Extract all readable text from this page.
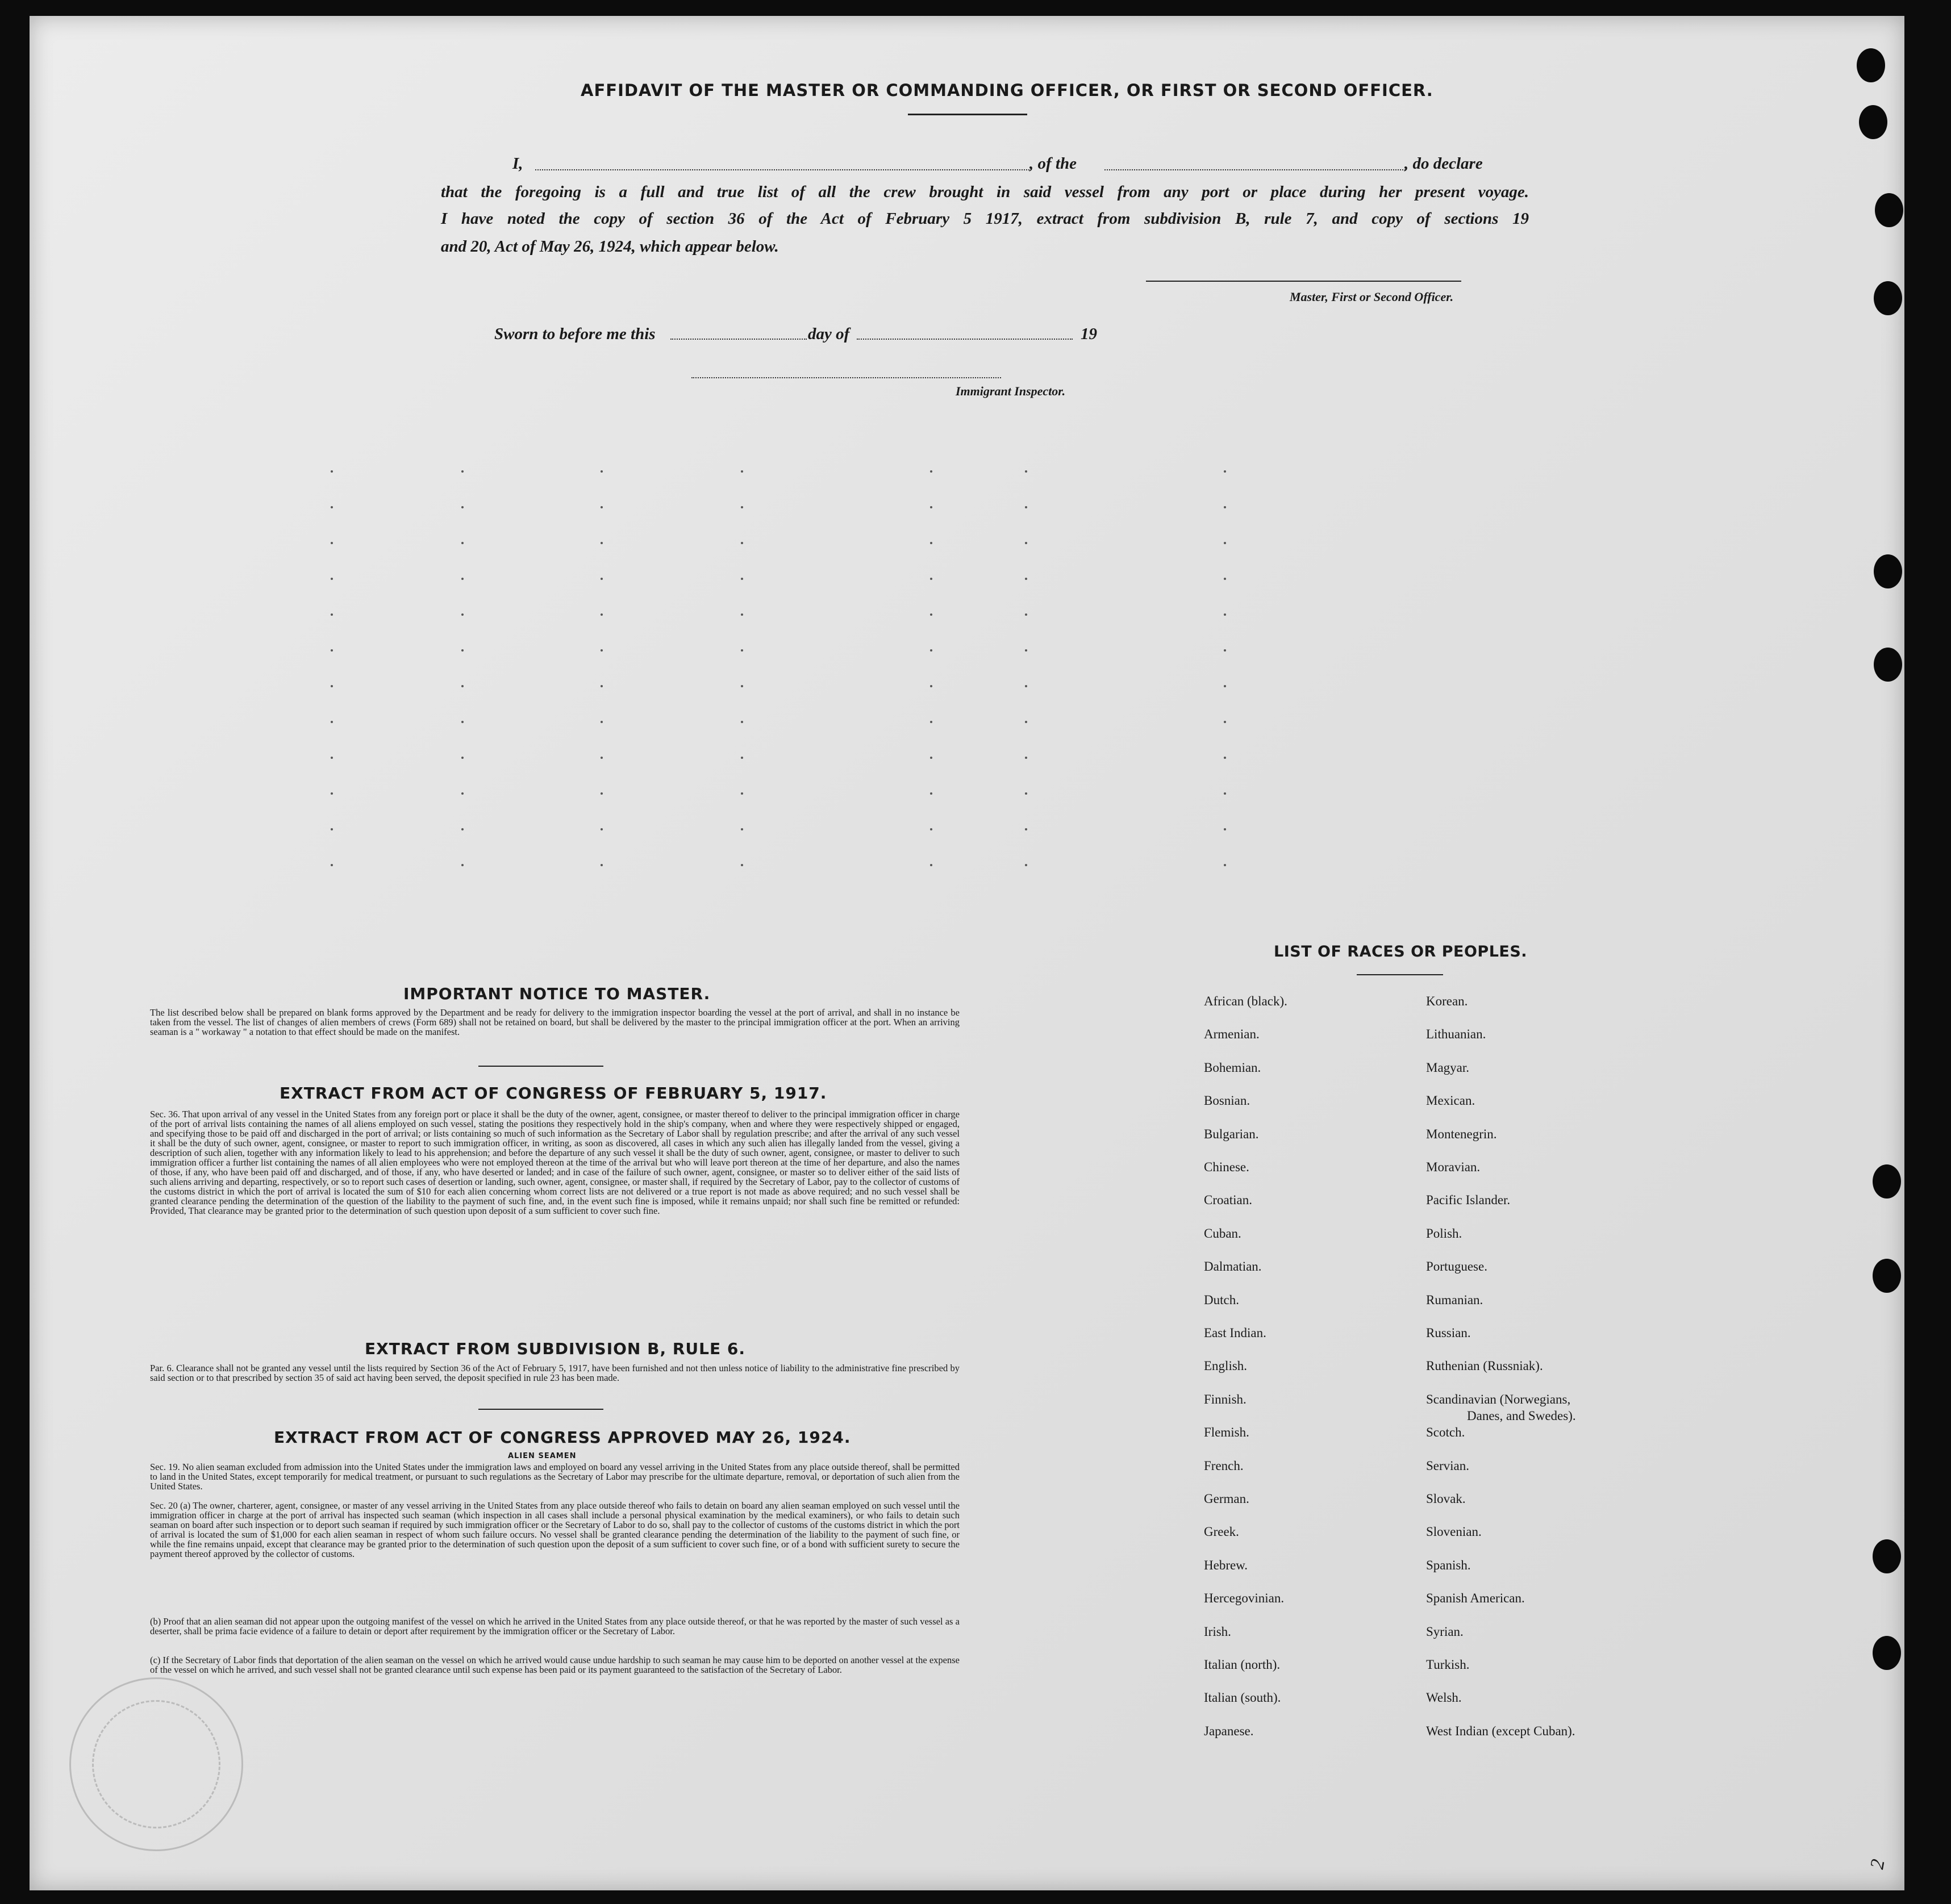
AFFIDAVIT OF THE MASTER OR COMMANDING OFFICER, OR FIRST OR SECOND OFFICER.
I,	, of the	, do declare
that the foregoing is a full and true list of all the crew brought in said vessel from any port or place during her present voyage.
I have noted the copy of section 36 of the Act of February 5 1917, extract from subdivision B, rule 7, and copy of sections 19
and 20, Act of May 26, 1924, which appear below.
Master, First or Second Officer.
Sworn to before me this	day of	19
Immigrant Inspector.
IMPORTANT NOTICE TO MASTER.
The list described below shall be prepared on blank forms approved by the Department and be ready for delivery to the immigration inspector boarding the vessel at the port of arrival, and shall in no instance be taken from the vessel. The list of changes of alien members of crews (Form 689) shall not be retained on board, but shall be delivered by the master to the principal immigration officer at the port. When an arriving seaman is a " workaway " a notation to that effect should be made on the manifest.
EXTRACT FROM ACT OF CONGRESS OF FEBRUARY 5, 1917.
Sec. 36. That upon arrival of any vessel in the United States from any foreign port or place it shall be the duty of the owner, agent, consignee, or master thereof to deliver to the principal immigration officer in charge of the port of arrival lists containing the names of all aliens employed on such vessel, stating the positions they respectively hold in the ship's company, when and where they were respectively shipped or engaged, and specifying those to be paid off and discharged in the port of arrival; or lists containing so much of such information as the Secretary of Labor shall by regulation prescribe; and after the arrival of any such vessel it shall be the duty of such owner, agent, consignee, or master to report to such immigration officer, in writing, as soon as discovered, all cases in which any such alien has illegally landed from the vessel, giving a description of such alien, together with any information likely to lead to his apprehension; and before the departure of any such vessel it shall be the duty of such owner, agent, consignee, or master to deliver to such immigration officer a further list containing the names of all alien employees who were not employed thereon at the time of the arrival but who will leave port thereon at the time of her departure, and also the names of those, if any, who have been paid off and discharged, and of those, if any, who have deserted or landed; and in case of the failure of such owner, agent, consignee, or master so to deliver either of the said lists of such aliens arriving and departing, respectively, or so to report such cases of desertion or landing, such owner, agent, consignee, or master shall, if required by the Secretary of Labor, pay to the collector of customs of the customs district in which the port of arrival is located the sum of $10 for each alien concerning whom correct lists are not delivered or a true report is not made as above required; and no such vessel shall be granted clearance pending the determination of the question of the liability to the payment of such fine, and, in the event such fine is imposed, while it remains unpaid; nor shall such fine be remitted or refunded: Provided, That clearance may be granted prior to the determination of such question upon deposit of a sum sufficient to cover such fine.
EXTRACT FROM SUBDIVISION B, RULE 6.
Par. 6. Clearance shall not be granted any vessel until the lists required by Section 36 of the Act of February 5, 1917, have been furnished and not then unless notice of liability to the administrative fine prescribed by said section or to that prescribed by section 35 of said act having been served, the deposit specified in rule 23 has been made.
EXTRACT FROM ACT OF CONGRESS APPROVED MAY 26, 1924.
ALIEN SEAMEN
Sec. 19. No alien seaman excluded from admission into the United States under the immigration laws and employed on board any vessel arriving in the United States from any place outside thereof, shall be permitted to land in the United States, except temporarily for medical treatment, or pursuant to such regulations as the Secretary of Labor may prescribe for the ultimate departure, removal, or deportation of such alien from the United States.
Sec. 20 (a) The owner, charterer, agent, consignee, or master of any vessel arriving in the United States from any place outside thereof who fails to detain on board any alien seaman employed on such vessel until the immigration officer in charge at the port of arrival has inspected such seaman (which inspection in all cases shall include a personal physical examination by the medical examiners), or who fails to detain such seaman on board after such inspection or to deport such seaman if required by such immigration officer or the Secretary of Labor to do so, shall pay to the collector of customs of the customs district in which the port of arrival is located the sum of $1,000 for each alien seaman in respect of whom such failure occurs. No vessel shall be granted clearance pending the determination of the liability to the payment of such fine, or while the fine remains unpaid, except that clearance may be granted prior to the determination of such question upon the deposit of a sum sufficient to cover such fine, or of a bond with sufficient surety to secure the payment thereof approved by the collector of customs.
(b) Proof that an alien seaman did not appear upon the outgoing manifest of the vessel on which he arrived in the United States from any place outside thereof, or that he was reported by the master of such vessel as a deserter, shall be prima facie evidence of a failure to detain or deport after requirement by the immigration officer or the Secretary of Labor.
(c) If the Secretary of Labor finds that deportation of the alien seaman on the vessel on which he arrived would cause undue hardship to such seaman he may cause him to be deported on another vessel at the expense of the vessel on which he arrived, and such vessel shall not be granted clearance until such expense has been paid or its payment guaranteed to the satisfaction of the Secretary of Labor.
LIST OF RACES OR PEOPLES.
African (black).
Armenian.
Bohemian.
Bosnian.
Bulgarian.
Chinese.
Croatian.
Cuban.
Dalmatian.
Dutch.
East Indian.
English.
Finnish.
Flemish.
French.
German.
Greek.
Hebrew.
Hercegovinian.
Irish.
Italian (north).
Italian (south).
Japanese.
Korean.
Lithuanian.
Magyar.
Mexican.
Montenegrin.
Moravian.
Pacific Islander.
Polish.
Portuguese.
Rumanian.
Russian.
Ruthenian (Russniak).
Scandinavian (Norwegians,
Scotch.
Servian.
Slovak.
Slovenian.
Spanish.
Spanish American.
Syrian.
Turkish.
Welsh.
West Indian (except Cuban).
Danes, and Swedes).
2
